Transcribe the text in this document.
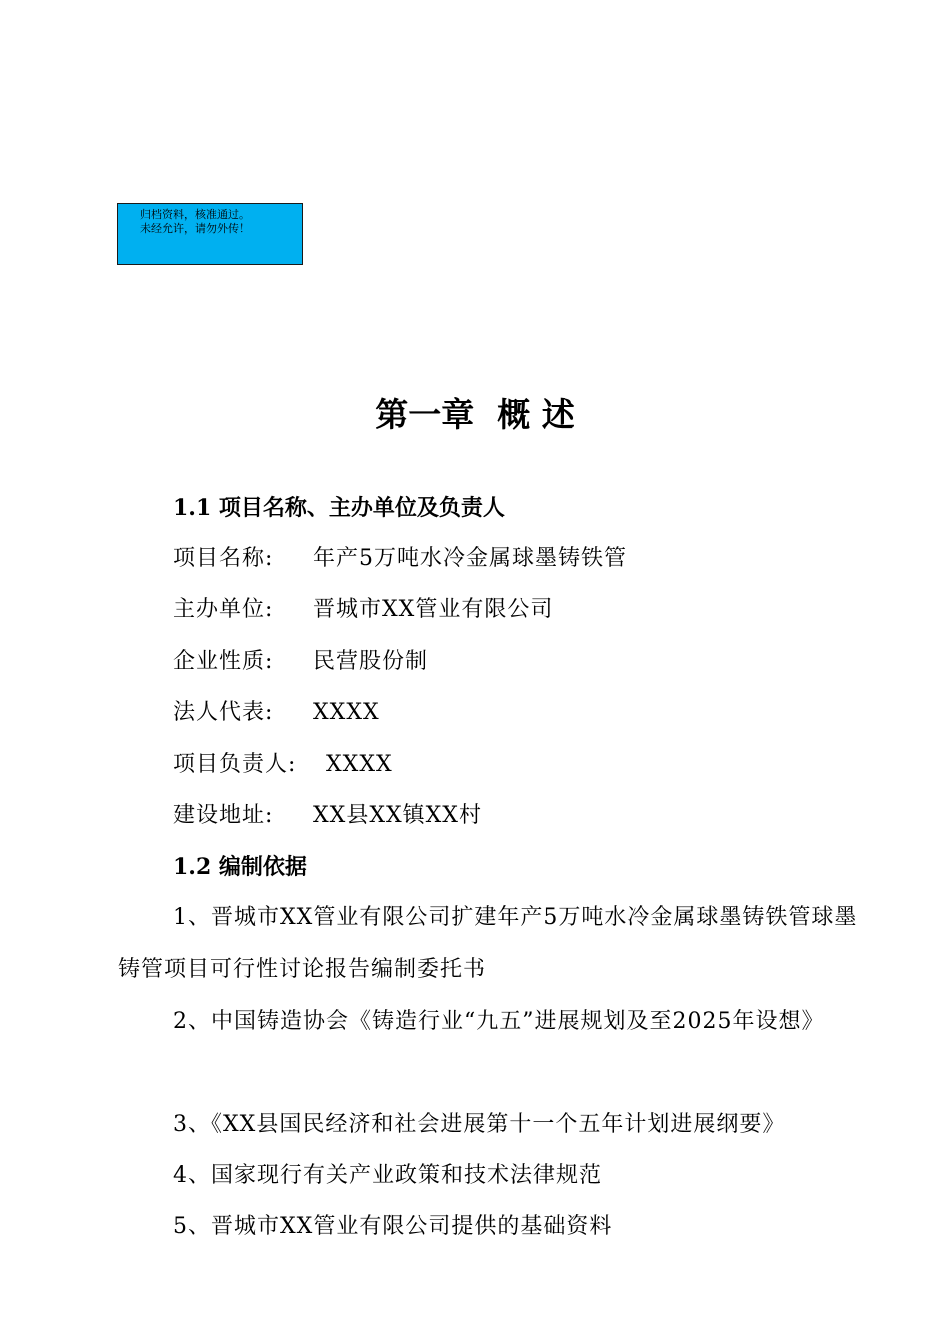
归档资料，核准通过。
未经允许，请勿外传！
第一章  概 述
1.1 项目名称、主办单位及负责人
项目名称: 年产5万吨水冷金属球墨铸铁管
主办单位: 晋城市XX管业有限公司
企业性质: 民营股份制
法人代表: XXXX
项目负责人: XXXX
建设地址: XX县XX镇XX村
1.2 编制依据
1、晋城市XX管业有限公司扩建年产5万吨水冷金属球墨铸铁管球墨铸管项目可行性讨论报告编制委托书
2、中国铸造协会《铸造行业“九五”进展规划及至2025年设想》
3、《XX县国民经济和社会进展第十一个五年计划进展纲要》
4、国家现行有关产业政策和技术法律规范
5、晋城市XX管业有限公司提供的基础资料
